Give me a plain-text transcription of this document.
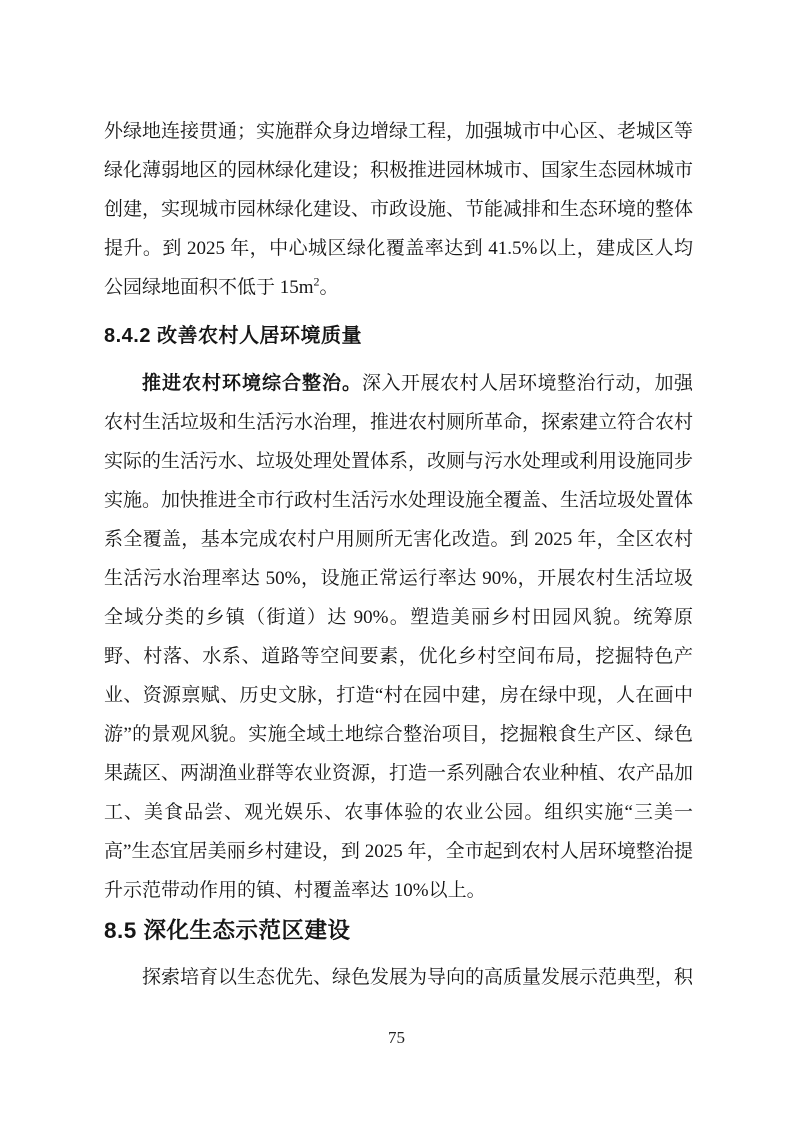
外绿地连接贯通；实施群众身边增绿工程，加强城市中心区、老城区等绿化薄弱地区的园林绿化建设；积极推进园林城市、国家生态园林城市创建，实现城市园林绿化建设、市政设施、节能减排和生态环境的整体提升。到 2025 年，中心城区绿化覆盖率达到 41.5%以上，建成区人均公园绿地面积不低于 $15m^2$。

8.4.2 改善农村人居环境质量

推进农村环境综合整治。深入开展农村人居环境整治行动，加强农村生活垃圾和生活污水治理，推进农村厕所革命，探索建立符合农村实际的生活污水、垃圾处理处置体系，改厕与污水处理或利用设施同步实施。加快推进全市行政村生活污水处理设施全覆盖、生活垃圾处置体系全覆盖，基本完成农村户用厕所无害化改造。到 2025 年，全区农村生活污水治理率达 50%，设施正常运行率达 90%，开展农村生活垃圾全域分类的乡镇（街道）达 90%。塑造美丽乡村田园风貌。统筹原野、村落、水系、道路等空间要素，优化乡村空间布局，挖掘特色产业、资源禀赋、历史文脉，打造“村在园中建，房在绿中现，人在画中游”的景观风貌。实施全域土地综合整治项目，挖掘粮食生产区、绿色果蔬区、两湖渔业群等农业资源，打造一系列融合农业种植、农产品加工、美食品尝、观光娱乐、农事体验的农业公园。组织实施“三美一高”生态宜居美丽乡村建设，到 2025 年，全市起到农村人居环境整治提升示范带动作用的镇、村覆盖率达 10%以上。

8.5 深化生态示范区建设

探索培育以生态优先、绿色发展为导向的高质量发展示范典型，积

75
